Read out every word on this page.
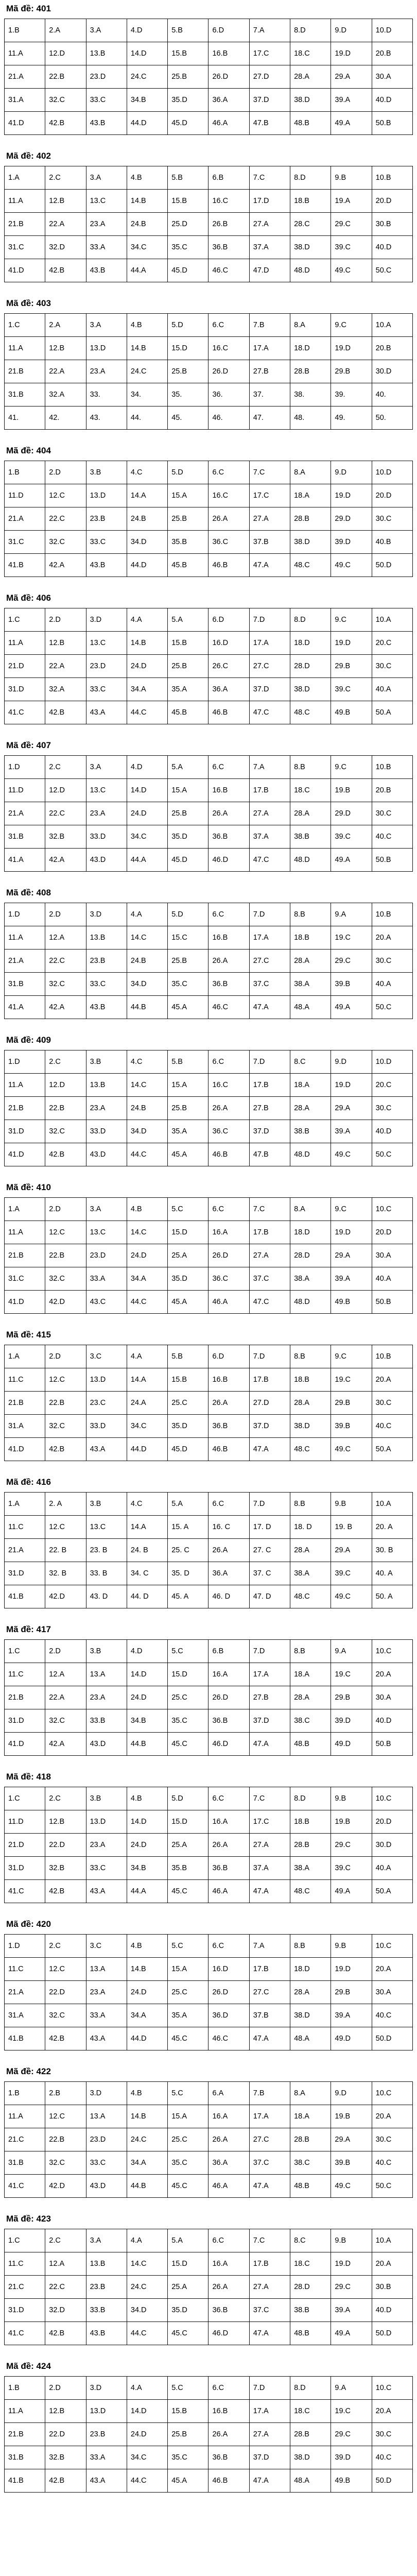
Mã đề: 401
1.B	2.A	3.A	4.D	5.B	6.D	7.A	8.D	9.D	10.D
11.A	12.D	13.B	14.D	15.B	16.B	17.C	18.C	19.D	20.B
21.A	22.B	23.D	24.C	25.B	26.D	27.D	28.A	29.A	30.A
31.A	32.C	33.C	34.B	35.D	36.A	37.D	38.D	39.A	40.D
41.D	42.B	43.B	44.D	45.D	46.A	47.B	48.B	49.A	50.B
Mã đề: 402
1.A	2.C	3.A	4.B	5.B	6.B	7.C	8.D	9.B	10.B
11.A	12.B	13.C	14.B	15.B	16.C	17.D	18.B	19.A	20.D
21.B	22.A	23.A	24.B	25.D	26.B	27.A	28.C	29.C	30.B
31.C	32.D	33.A	34.C	35.C	36.B	37.A	38.D	39.C	40.D
41.D	42.B	43.B	44.A	45.D	46.C	47.D	48.D	49.C	50.C
Mã đề: 403
1.C	2.A	3.A	4.B	5.D	6.C	7.B	8.A	9.C	10.A
11.A	12.B	13.D	14.B	15.D	16.C	17.A	18.D	19.D	20.B
21.B	22.A	23.A	24.C	25.B	26.D	27.B	28.B	29.B	30.D
31.B	32.A	33.	34.	35.	36.	37.	38.	39.	40.
41.	42.	43.	44.	45.	46.	47.	48.	49.	50.
Mã đề: 404
1.B	2.D	3.B	4.C	5.D	6.C	7.C	8.A	9.D	10.D
11.D	12.C	13.D	14.A	15.A	16.C	17.C	18.A	19.D	20.D
21.A	22.C	23.B	24.B	25.B	26.A	27.A	28.B	29.D	30.C
31.C	32.C	33.C	34.D	35.B	36.C	37.B	38.D	39.D	40.B
41.B	42.A	43.B	44.D	45.B	46.B	47.A	48.C	49.C	50.D
Mã đề: 406
1.C	2.D	3.D	4.A	5.A	6.D	7.D	8.D	9.C	10.A
11.A	12.B	13.C	14.B	15.B	16.D	17.A	18.D	19.D	20.C
21.D	22.A	23.D	24.D	25.B	26.C	27.C	28.D	29.B	30.C
31.D	32.A	33.C	34.A	35.A	36.A	37.D	38.D	39.C	40.A
41.C	42.B	43.A	44.C	45.B	46.B	47.C	48.C	49.B	50.A
Mã đề: 407
1.D	2.C	3.A	4.D	5.A	6.C	7.A	8.B	9.C	10.B
11.D	12.D	13.C	14.D	15.A	16.B	17.B	18.C	19.B	20.B
21.A	22.C	23.A	24.D	25.B	26.A	27.A	28.A	29.D	30.C
31.B	32.B	33.D	34.C	35.D	36.B	37.A	38.B	39.C	40.C
41.A	42.A	43.D	44.A	45.D	46.D	47.C	48.D	49.A	50.B
Mã đề: 408
1.D	2.D	3.D	4.A	5.D	6.C	7.D	8.B	9.A	10.B
11.A	12.A	13.B	14.C	15.C	16.B	17.A	18.B	19.C	20.A
21.A	22.C	23.B	24.B	25.B	26.A	27.C	28.A	29.C	30.C
31.B	32.C	33.C	34.D	35.C	36.B	37.C	38.A	39.B	40.A
41.A	42.A	43.B	44.B	45.A	46.C	47.A	48.A	49.A	50.C
Mã đề: 409
1.D	2.C	3.B	4.C	5.B	6.C	7.D	8.C	9.D	10.D
11.A	12.D	13.B	14.C	15.A	16.C	17.B	18.A	19.D	20.C
21.B	22.B	23.A	24.B	25.B	26.A	27.B	28.A	29.A	30.C
31.D	32.C	33.D	34.D	35.A	36.C	37.D	38.B	39.A	40.D
41.D	42.B	43.D	44.C	45.A	46.B	47.B	48.D	49.C	50.C
Mã đề: 410
1.A	2.D	3.A	4.B	5.C	6.C	7.C	8.A	9.C	10.C
11.A	12.C	13.C	14.C	15.D	16.A	17.B	18.D	19.D	20.D
21.B	22.B	23.D	24.D	25.A	26.D	27.A	28.D	29.A	30.A
31.C	32.C	33.A	34.A	35.D	36.C	37.C	38.A	39.A	40.A
41.D	42.D	43.C	44.C	45.A	46.A	47.C	48.D	49.B	50.B
Mã đề: 415
1.A	2.D	3.C	4.A	5.B	6.D	7.D	8.B	9.C	10.B
11.C	12.C	13.D	14.A	15.B	16.B	17.B	18.B	19.C	20.A
21.B	22.B	23.C	24.A	25.C	26.A	27.D	28.A	29.B	30.C
31.A	32.C	33.D	34.C	35.D	36.B	37.D	38.D	39.B	40.C
41.D	42.B	43.A	44.D	45.D	46.B	47.A	48.C	49.C	50.A
Mã đề: 416
1.A	2. A	3.B	4.C	5.A	6.C	7.D	8.B	9.B	10.A
11.C	12.C	13.C	14.A	15. A	16. C	17. D	18. D	19. B	20. A
21.A	22. B	23. B	24. B	25. C	26.A	27. C	28.A	29.A	30. B
31.D	32. B	33. B	34. C	35. D	36.A	37. C	38.A	39.C	40. A
41.B	42.D	43. D	44. D	45. A	46. D	47. D	48.C	49.C	50. A
Mã đề: 417
1.C	2.D	3.B	4.D	5.C	6.B	7.D	8.B	9.A	10.C
11.C	12.A	13.A	14.D	15.D	16.A	17.A	18.A	19.C	20.A
21.B	22.A	23.A	24.D	25.C	26.D	27.B	28.A	29.B	30.A
31.D	32.C	33.B	34.B	35.C	36.B	37.D	38.C	39.D	40.D
41.D	42.A	43.D	44.B	45.C	46.D	47.A	48.B	49.D	50.B
Mã đề: 418
1.C	2.C	3.B	4.B	5.D	6.C	7.C	8.D	9.B	10.C
11.D	12.B	13.D	14.D	15.D	16.A	17.C	18.B	19.B	20.D
21.D	22.D	23.A	24.D	25.A	26.A	27.A	28.B	29.C	30.D
31.D	32.B	33.C	34.B	35.B	36.B	37.A	38.A	39.C	40.A
41.C	42.B	43.A	44.A	45.C	46.A	47.A	48.C	49.A	50.A
Mã đề: 420
1.D	2.C	3.C	4.B	5.C	6.C	7.A	8.B	9.B	10.C
11.C	12.C	13.A	14.B	15.A	16.D	17.B	18.D	19.D	20.A
21.A	22.D	23.A	24.D	25.C	26.D	27.C	28.A	29.B	30.A
31.A	32.C	33.A	34.A	35.A	36.D	37.B	38.D	39.A	40.C
41.B	42.B	43.A	44.D	45.C	46.C	47.A	48.A	49.D	50.D
Mã đề: 422
1.B	2.B	3.D	4.B	5.C	6.A	7.B	8.A	9.D	10.C
11.A	12.C	13.A	14.B	15.A	16.A	17.A	18.A	19.B	20.A
21.C	22.B	23.D	24.C	25.C	26.A	27.C	28.B	29.A	30.C
31.B	32.C	33.C	34.A	35.C	36.A	37.C	38.C	39.B	40.C
41.C	42.D	43.D	44.B	45.C	46.A	47.A	48.B	49.C	50.C
Mã đề: 423
1.C	2.C	3.A	4.A	5.A	6.C	7.C	8.C	9.B	10.A
11.C	12.A	13.B	14.C	15.D	16.A	17.B	18.C	19.D	20.A
21.C	22.C	23.B	24.C	25.A	26.A	27.A	28.D	29.C	30.B
31.D	32.D	33.B	34.D	35.D	36.B	37.C	38.B	39.A	40.D
41.C	42.B	43.B	44.C	45.C	46.D	47.A	48.B	49.A	50.D
Mã đề: 424
1.B	2.D	3.D	4.A	5.C	6.C	7.D	8.D	9.A	10.C
11.A	12.B	13.D	14.D	15.B	16.B	17.A	18.C	19.C	20.A
21.B	22.D	23.B	24.D	25.B	26.A	27.A	28.B	29.C	30.C
31.B	32.B	33.A	34.C	35.C	36.B	37.D	38.D	39.D	40.C
41.B	42.B	43.A	44.C	45.A	46.B	47.A	48.A	49.B	50.D
